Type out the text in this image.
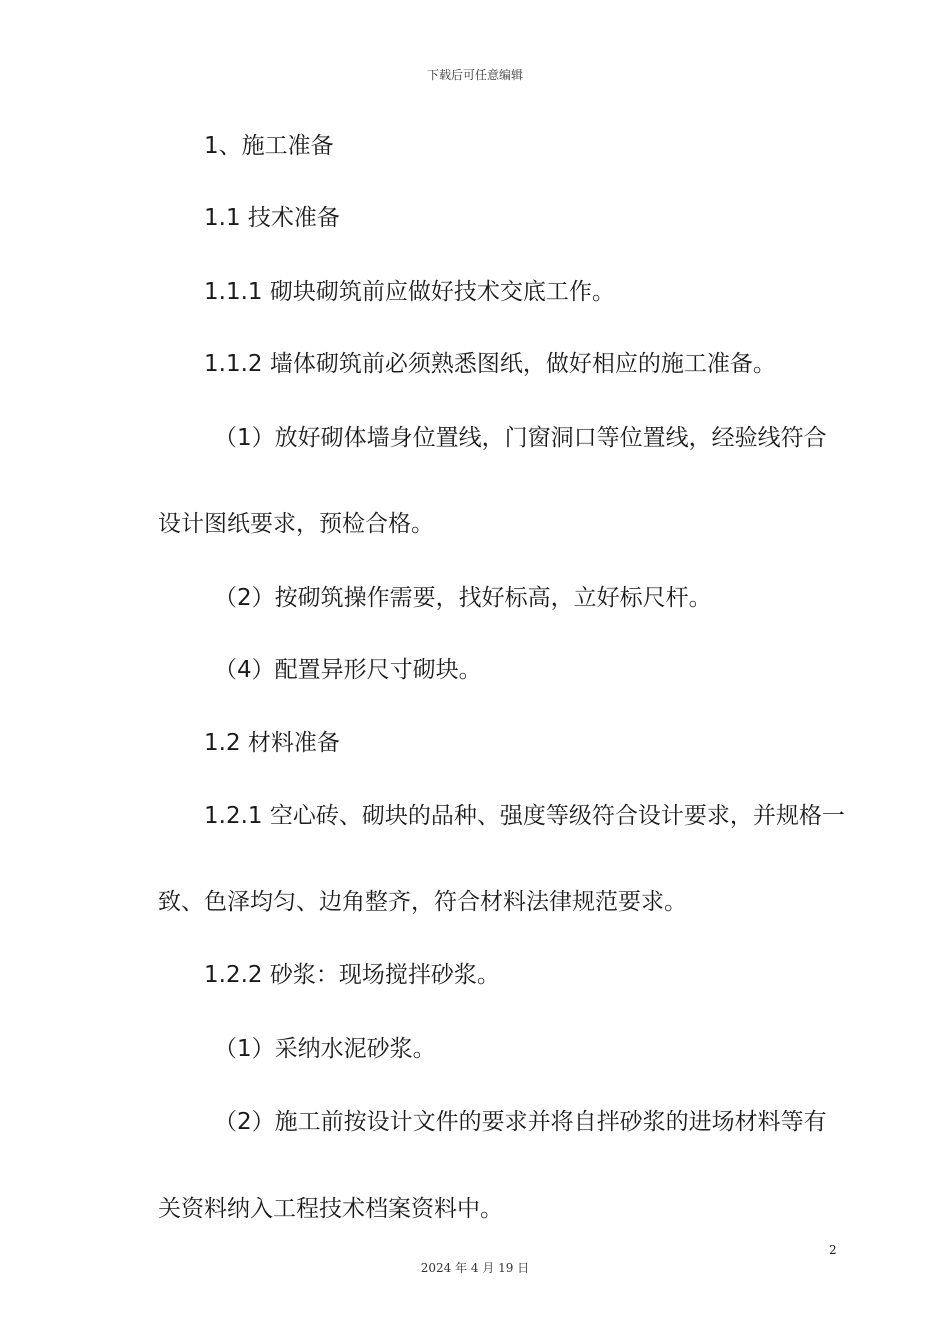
下载后可任意编辑
1、施工准备
1.1 技术准备
1.1.1 砌块砌筑前应做好技术交底工作。
1.1.2 墙体砌筑前必须熟悉图纸，做好相应的施工准备。
（1）放好砌体墙身位置线，门窗洞口等位置线，经验线符合
设计图纸要求，预检合格。
（2）按砌筑操作需要，找好标高，立好标尺杆。
（4）配置异形尺寸砌块。
1.2 材料准备
1.2.1 空心砖、砌块的品种、强度等级符合设计要求，并规格一
致、色泽均匀、边角整齐，符合材料法律规范要求。
1.2.2 砂浆：现场搅拌砂浆。
（1）采纳水泥砂浆。
（2）施工前按设计文件的要求并将自拌砂浆的进场材料等有
关资料纳入工程技术档案资料中。
2
2024 年 4 月 19 日
